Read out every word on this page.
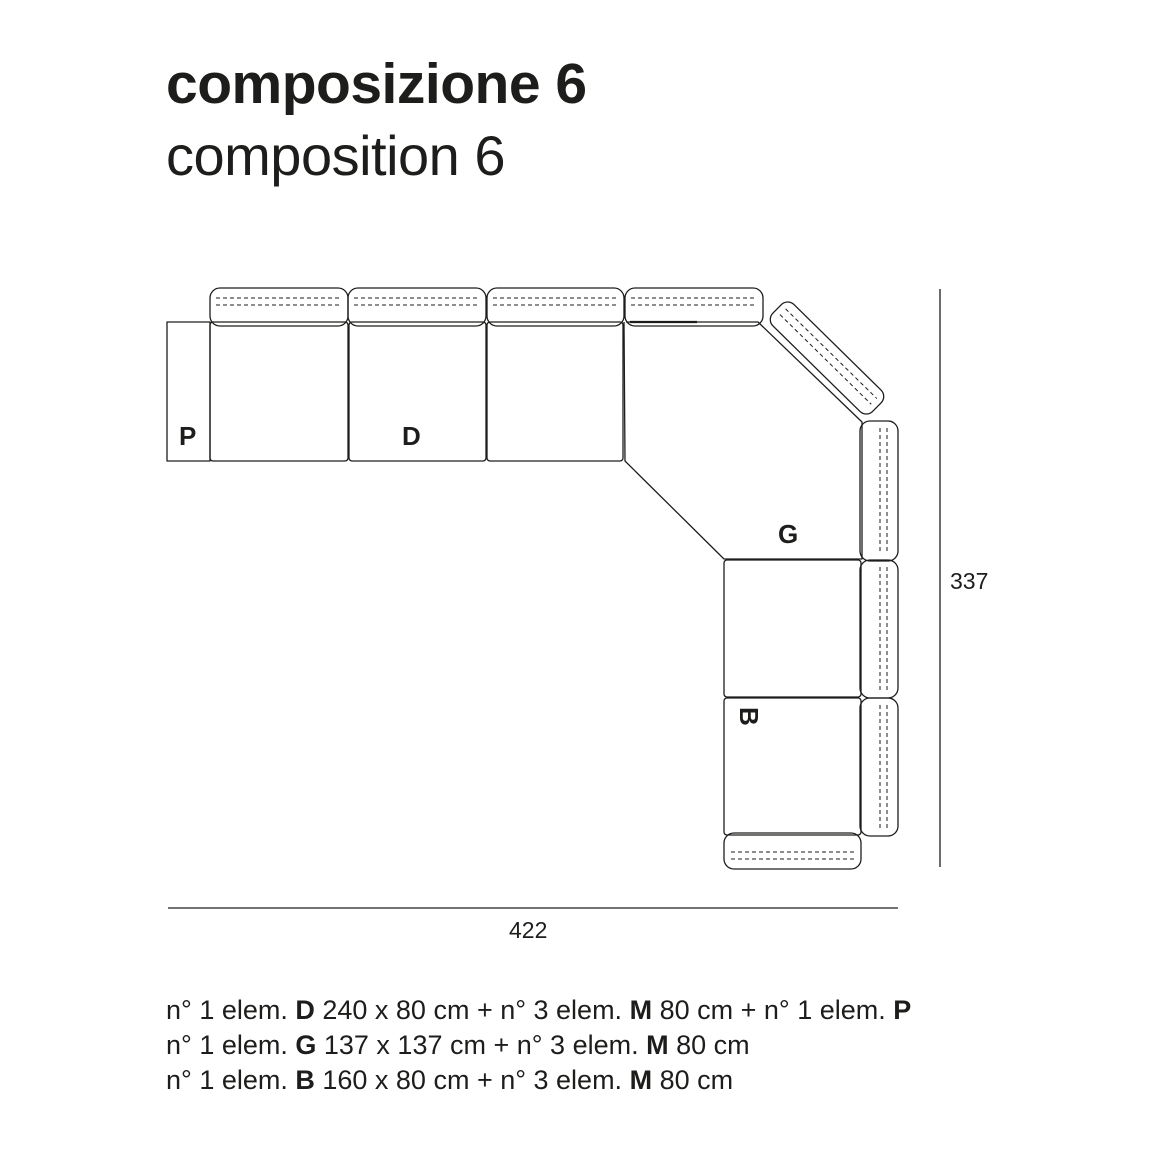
composizione 6
composition 6
P	D
G
B
422
337
n° 1 elem. D 240 x 80 cm + n° 3 elem. M 80 cm + n° 1 elem. P
n° 1 elem. G 137 x 137 cm + n° 3 elem. M 80 cm
n° 1 elem. B 160 x 80 cm + n° 3 elem. M 80 cm
